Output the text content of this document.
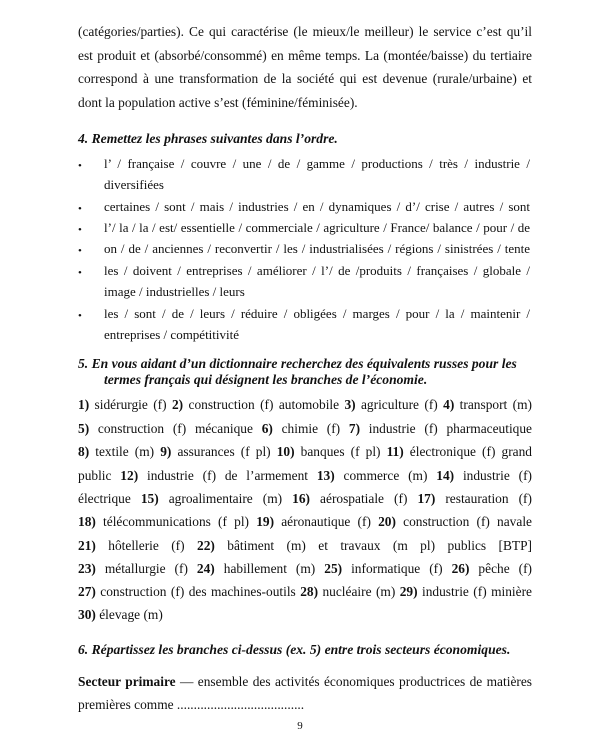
(catégories/parties). Ce qui caractérise (le mieux/le meilleur) le service c’est qu’il
est produit et (absorbé/consommé) en même temps. La (montée/baisse) du tertiaire
correspond à une transformation de la société qui est devenue (rurale/urbaine) et
dont la population active s’est (féminine/féminisée).
4. Remettez les phrases suivantes dans l’ordre.
• l’ / française / couvre / une / de / gamme / productions / très / industrie /
diversifiées
• certaines / sont / mais / industries / en / dynamiques / d’/ crise / autres / sont
• l’/ la / la / est/ essentielle / commerciale / agriculture / France/ balance / pour / de
• on / de / anciennes / reconvertir / les / industrialisées / régions / sinistrées / tente
• les / doivent / entreprises / améliorer / l’/ de /produits / françaises / globale /
image / industrielles / leurs
• les / sont / de / leurs / réduire / obligées / marges / pour / la / maintenir /
entreprises / compétitivité
5. En vous aidant d’un dictionnaire recherchez des équivalents russes pour les
termes français qui désignent les branches de l’économie.
1) sidérurgie (f) 2) construction (f) automobile 3) agriculture (f) 4) transport (m)
5) construction (f) mécanique 6) chimie (f) 7) industrie (f) pharmaceutique
8) textile (m) 9) assurances (f pl) 10) banques (f pl) 11) électronique (f) grand
public 12) industrie (f) de l’armement 13) commerce (m) 14) industrie (f)
électrique 15) agroalimentaire (m) 16) aérospatiale (f) 17) restauration (f)
18) télécommunications (f pl) 19) aéronautique (f) 20) construction (f) navale
21) hôtellerie (f) 22) bâtiment (m) et travaux (m pl) publics [BTP]
23) métallurgie (f) 24) habillement (m) 25) informatique (f) 26) pêche (f)
27) construction (f) des machines-outils 28) nucléaire (m) 29) industrie (f) minière
30) élevage (m)
6. Répartissez les branches ci-dessus (ex. 5) entre trois secteurs économiques.
Secteur primaire — ensemble des activités économiques productrices de matières
premières comme ......................................
9
